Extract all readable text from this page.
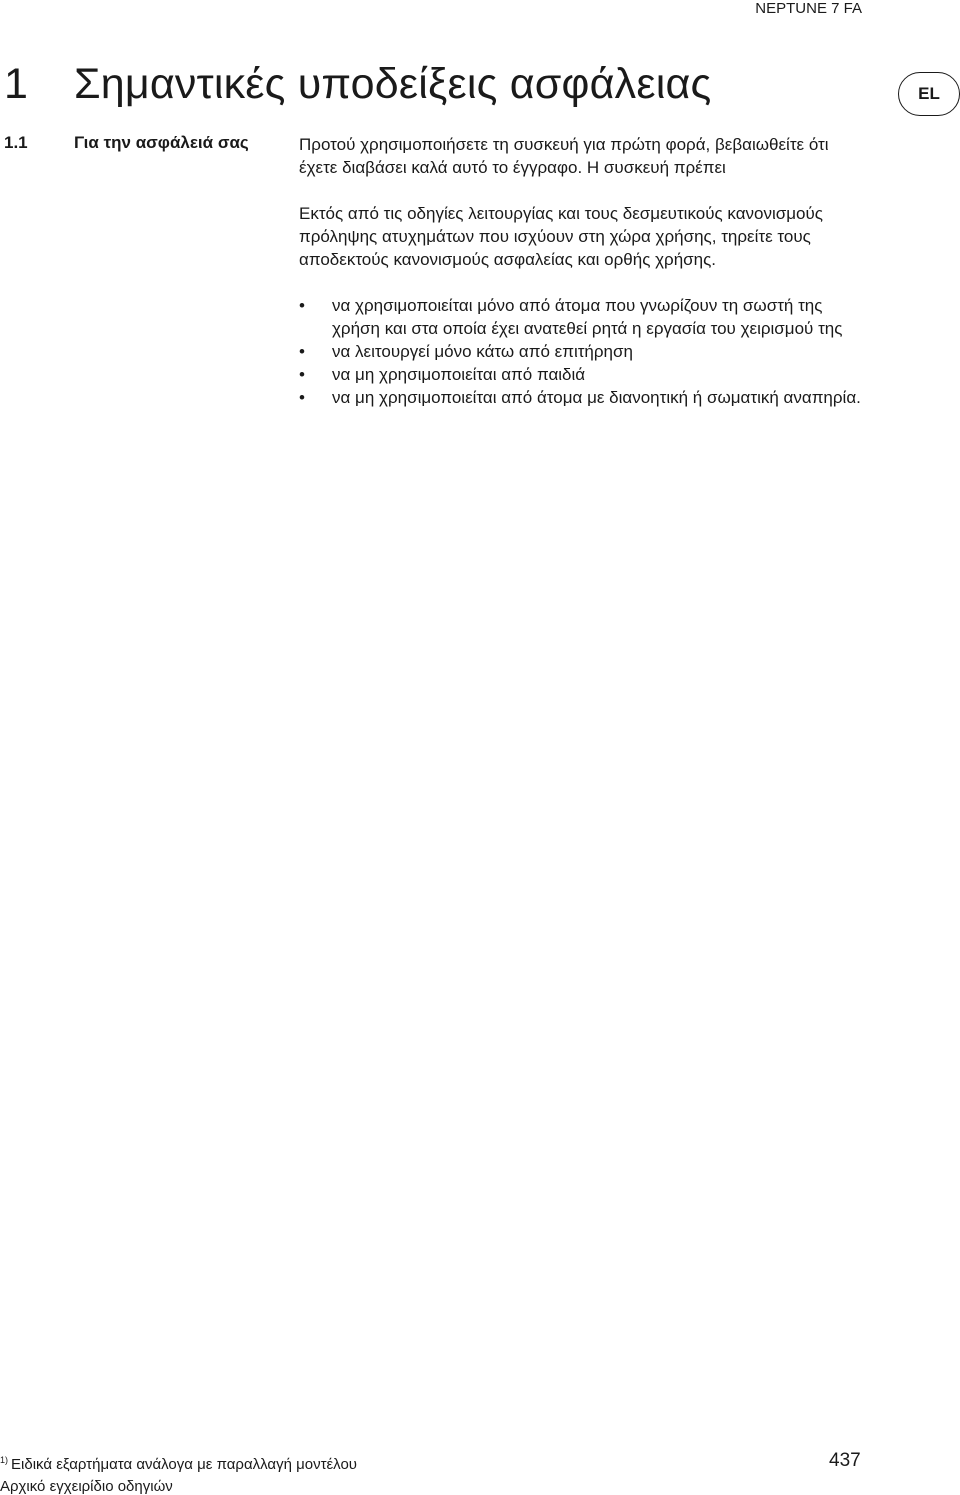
NEPTUNE 7 FA
1 Σημαντικές υποδείξεις ασφάλειας	EL
1.1	Για την ασφάλειά σας	Προτού χρησιμοποιήσετε τη συσκευή για πρώτη φορά, βεβαιωθείτε ότι έχετε διαβάσει καλά αυτό το έγγραφο. Η συσκευή πρέπει

Εκτός από τις οδηγίες λειτουργίας και τους δεσμευτικούς κανονισμούς πρόληψης ατυχημάτων που ισχύουν στη χώρα χρήσης, τηρείτε τους αποδεκτούς κανονισμούς ασφαλείας και ορθής χρήσης.

• να χρησιμοποιείται μόνο από άτομα που γνωρίζουν τη σωστή της χρήση και στα οποία έχει ανατεθεί ρητά η εργασία του χειρισμού της
• να λειτουργεί μόνο κάτω από επιτήρηση
• να μη χρησιμοποιείται από παιδιά
• να μη χρησιμοποιείται από άτομα με διανοητική ή σωματική αναπηρία.
$^{1)}$ Ειδικά εξαρτήματα ανάλογα με παραλλαγή μοντέλου	437
Αρχικό εγχειρίδιο οδηγιών
